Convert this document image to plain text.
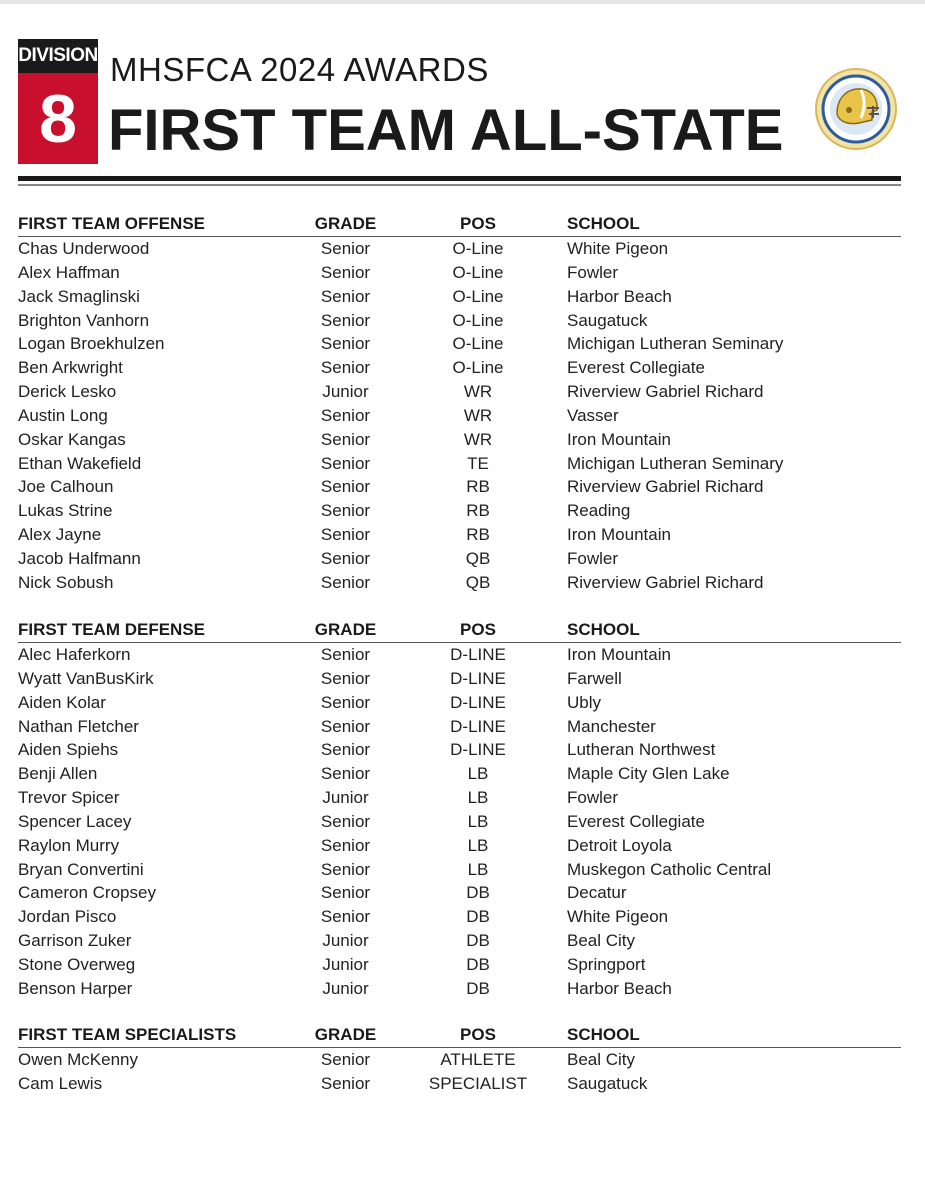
DIVISION
8
MHSFCA 2024 AWARDS
FIRST TEAM ALL-STATE
FIRST TEAM OFFENSE	GRADE	POS	SCHOOL
Chas Underwood	Senior	O-Line	White Pigeon
Alex Haffman	Senior	O-Line	Fowler
Jack Smaglinski	Senior	O-Line	Harbor Beach
Brighton Vanhorn	Senior	O-Line	Saugatuck
Logan Broekhulzen	Senior	O-Line	Michigan Lutheran Seminary
Ben Arkwright	Senior	O-Line	Everest Collegiate
Derick Lesko	Junior	WR	Riverview Gabriel Richard
Austin Long	Senior	WR	Vasser
Oskar Kangas	Senior	WR	Iron Mountain
Ethan Wakefield	Senior	TE	Michigan Lutheran Seminary
Joe Calhoun	Senior	RB	Riverview Gabriel Richard
Lukas Strine	Senior	RB	Reading
Alex Jayne	Senior	RB	Iron Mountain
Jacob Halfmann	Senior	QB	Fowler
Nick Sobush	Senior	QB	Riverview Gabriel Richard
FIRST TEAM DEFENSE	GRADE	POS	SCHOOL
Alec Haferkorn	Senior	D-LINE	Iron Mountain
Wyatt VanBusKirk	Senior	D-LINE	Farwell
Aiden Kolar	Senior	D-LINE	Ubly
Nathan Fletcher	Senior	D-LINE	Manchester
Aiden Spiehs	Senior	D-LINE	Lutheran Northwest
Benji Allen	Senior	LB	Maple City Glen Lake
Trevor Spicer	Junior	LB	Fowler
Spencer Lacey	Senior	LB	Everest Collegiate
Raylon Murry	Senior	LB	Detroit Loyola
Bryan Convertini	Senior	LB	Muskegon Catholic Central
Cameron Cropsey	Senior	DB	Decatur
Jordan Pisco	Senior	DB	White Pigeon
Garrison Zuker	Junior	DB	Beal City
Stone Overweg	Junior	DB	Springport
Benson Harper	Junior	DB	Harbor Beach
FIRST TEAM SPECIALISTS	GRADE	POS	SCHOOL
Owen McKenny	Senior	ATHLETE	Beal City
Cam Lewis	Senior	SPECIALIST	Saugatuck
